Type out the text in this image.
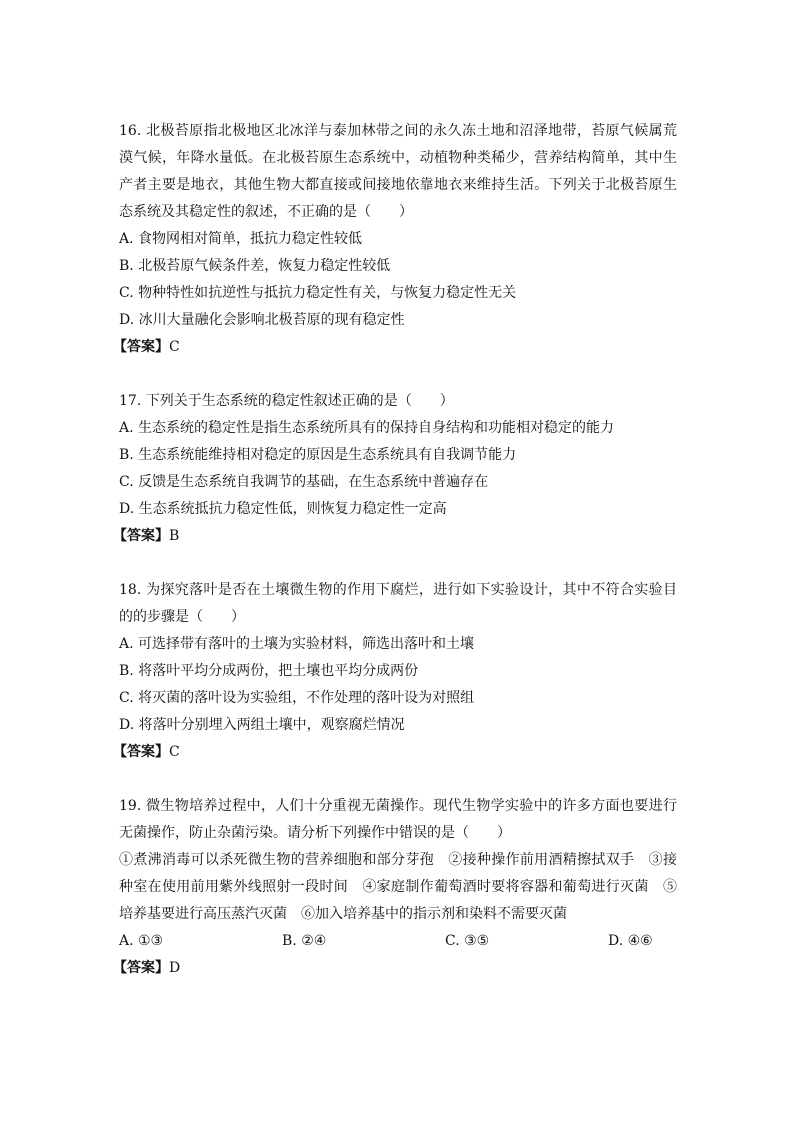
16. 北极苔原指北极地区北冰洋与泰加林带之间的永久冻土地和沼泽地带，苔原气候属荒漠气候，年降水量低。在北极苔原生态系统中，动植物种类稀少，营养结构简单，其中生产者主要是地衣，其他生物大都直接或间接地依靠地衣来维持生活。下列关于北极苔原生态系统及其稳定性的叙述，不正确的是（　　）
A. 食物网相对简单，抵抗力稳定性较低
B. 北极苔原气候条件差，恢复力稳定性较低
C. 物种特性如抗逆性与抵抗力稳定性有关，与恢复力稳定性无关
D. 冰川大量融化会影响北极苔原的现有稳定性
【答案】C
17. 下列关于生态系统的稳定性叙述正确的是（　　）
A. 生态系统的稳定性是指生态系统所具有的保持自身结构和功能相对稳定的能力
B. 生态系统能维持相对稳定的原因是生态系统具有自我调节能力
C. 反馈是生态系统自我调节的基础，在生态系统中普遍存在
D. 生态系统抵抗力稳定性低，则恢复力稳定性一定高
【答案】B
18. 为探究落叶是否在土壤微生物的作用下腐烂，进行如下实验设计，其中不符合实验目的的步骤是（　　）
A. 可选择带有落叶的土壤为实验材料，筛选出落叶和土壤
B. 将落叶平均分成两份，把土壤也平均分成两份
C. 将灭菌的落叶设为实验组，不作处理的落叶设为对照组
D. 将落叶分别埋入两组土壤中，观察腐烂情况
【答案】C
19. 微生物培养过程中，人们十分重视无菌操作。现代生物学实验中的许多方面也要进行无菌操作，防止杂菌污染。请分析下列操作中错误的是（　　）
①煮沸消毒可以杀死微生物的营养细胞和部分芽孢　②接种操作前用酒精擦拭双手　③接种室在使用前用紫外线照射一段时间　④家庭制作葡萄酒时要将容器和葡萄进行灭菌　⑤培养基要进行高压蒸汽灭菌　⑥加入培养基中的指示剂和染料不需要灭菌
A. ①③	B. ②④	C. ③⑤	D. ④⑥
【答案】D
